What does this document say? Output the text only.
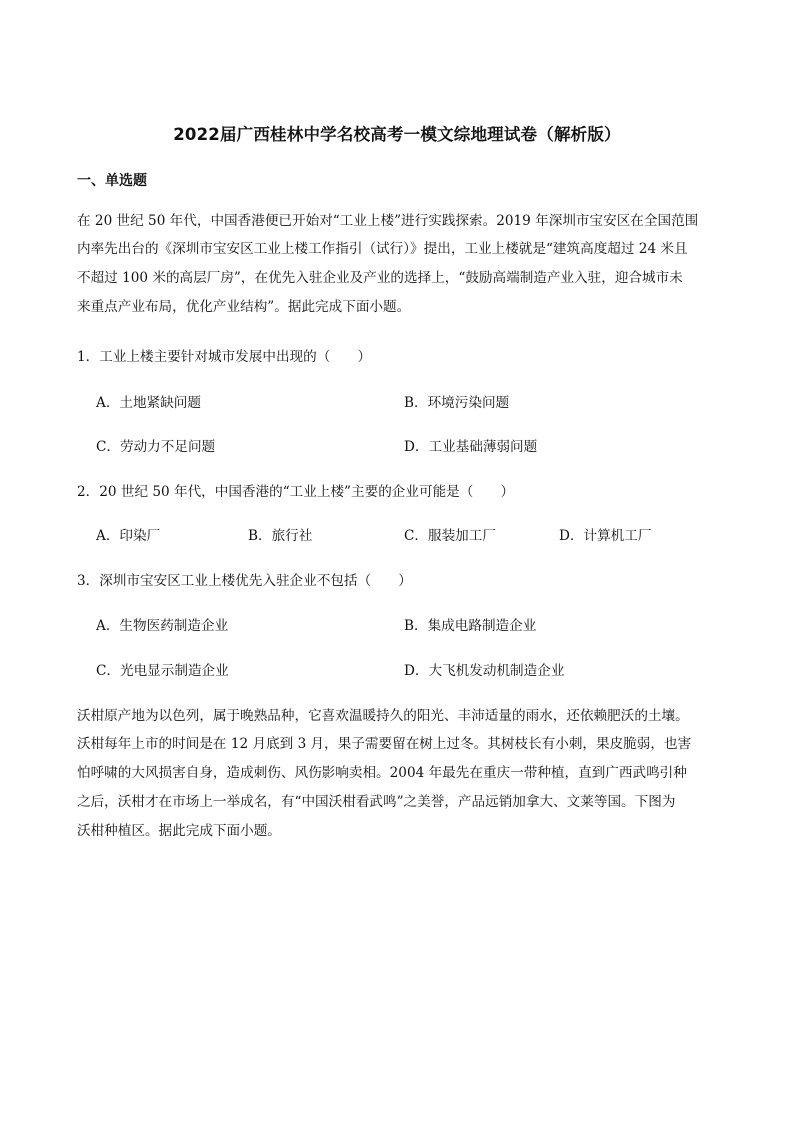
2022届广西桂林中学名校高考一模文综地理试卷（解析版）
一、单选题
在 20 世纪 50 年代，中国香港便已开始对“工业上楼”进行实践探索。2019 年深圳市宝安区在全国范围
内率先出台的《深圳市宝安区工业上楼工作指引（试行）》提出，工业上楼就是“建筑高度超过 24 米且
不超过 100 米的高层厂房”，在优先入驻企业及产业的选择上，“鼓励高端制造产业入驻，迎合城市未
来重点产业布局，优化产业结构”。据此完成下面小题。
1．工业上楼主要针对城市发展中出现的（　　）
A．土地紧缺问题	B．环境污染问题
C．劳动力不足问题	D．工业基础薄弱问题
2．20 世纪 50 年代，中国香港的“工业上楼”主要的企业可能是（　　）
A．印染厂	B．旅行社	C．服装加工厂	D．计算机工厂
3．深圳市宝安区工业上楼优先入驻企业不包括（　　）
A．生物医药制造企业	B．集成电路制造企业
C．光电显示制造企业	D．大飞机发动机制造企业
沃柑原产地为以色列，属于晚熟品种，它喜欢温暖持久的阳光、丰沛适量的雨水，还依赖肥沃的土壤。
沃柑每年上市的时间是在 12 月底到 3 月，果子需要留在树上过冬。其树枝长有小刺，果皮脆弱，也害
怕呼啸的大风损害自身，造成刺伤、风伤影响卖相。2004 年最先在重庆一带种植，直到广西武鸣引种
之后，沃柑才在市场上一举成名，有“中国沃柑看武鸣”之美誉，产品远销加拿大、文莱等国。下图为
沃柑种植区。据此完成下面小题。
